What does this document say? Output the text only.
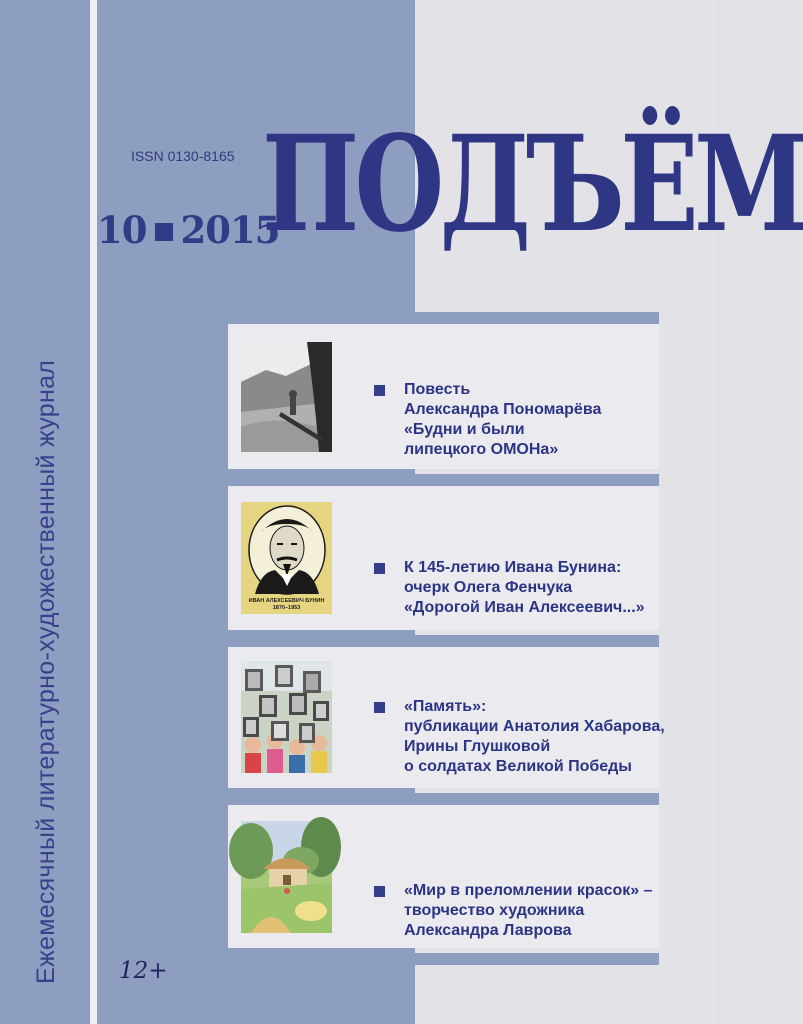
Ежемесячный литературно-художественный журнал
ISSN 0130-8165
10 2015
ПОДЪЁМ
Повесть
Александра Пономарёва
«Будни и были
липецкого ОМОНа»
ИВАН АЛЕКСЕЕВИЧ БУНИН
1870–1953
К 145-летию Ивана Бунина:
очерк Олега Фенчука
«Дорогой Иван Алексеевич...»
«Память»:
публикации Анатолия Хабарова,
Ирины Глушковой
о солдатах Великой Победы
«Мир в преломлении красок» –
творчество художника
Александра Лаврова
12+
